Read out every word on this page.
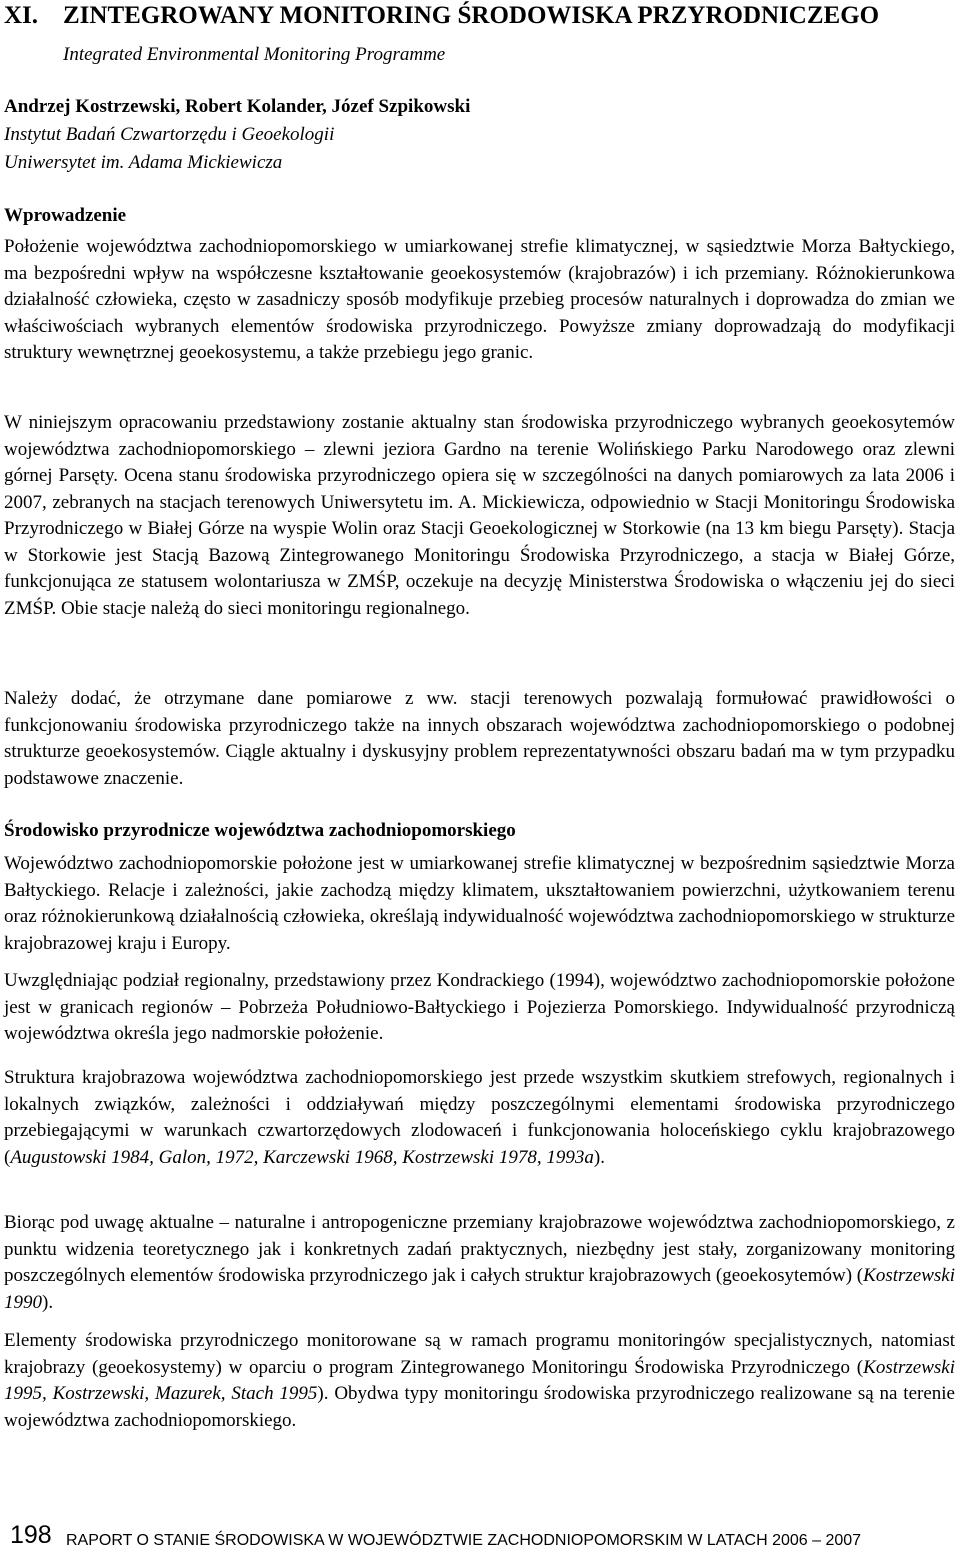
XI. ZINTEGROWANY MONITORING ŚRODOWISKA PRZYRODNICZEGO
Integrated Environmental Monitoring Programme
Andrzej Kostrzewski, Robert Kolander, Józef Szpikowski
Instytut Badań Czwartorzędu i Geoekologii
Uniwersytet im. Adama Mickiewicza
Wprowadzenie

Położenie województwa zachodniopomorskiego w umiarkowanej strefie klimatycznej, w sąsiedztwie Morza Bałtyckiego, ma bezpośredni wpływ na współczesne kształtowanie geoekosystemów (krajobrazów) i ich przemiany. Różnokierunkowa działalność człowieka, często w zasadniczy sposób modyfikuje przebieg procesów naturalnych i doprowadza do zmian we właściwościach wybranych elementów środowiska przyrodniczego. Powyższe zmiany doprowadzają do modyfikacji struktury wewnętrznej geoekosystemu, a także przebiegu jego granic.

W niniejszym opracowaniu przedstawiony zostanie aktualny stan środowiska przyrodniczego wybranych geoekosytemów województwa zachodniopomorskiego – zlewni jeziora Gardno na terenie Wolińskiego Parku Narodowego oraz zlewni górnej Parsęty. Ocena stanu środowiska przyrodniczego opiera się w szczególności na danych pomiarowych za lata 2006 i 2007, zebranych na stacjach terenowych Uniwersytetu im. A. Mickiewicza, odpowiednio w Stacji Monitoringu Środowiska Przyrodniczego w Białej Górze na wyspie Wolin oraz Stacji Geoekologicznej w Storkowie (na 13 km biegu Parsęty). Stacja w Storkowie jest Stacją Bazową Zintegrowanego Monitoringu Środowiska Przyrodniczego, a stacja w Białej Górze, funkcjonująca ze statusem wolontariusza w ZMŚP, oczekuje na decyzję Ministerstwa Środowiska o włączeniu jej do sieci ZMŚP. Obie stacje należą do sieci monitoringu regionalnego.

Należy dodać, że otrzymane dane pomiarowe z ww. stacji terenowych pozwalają formułować prawidłowości o funkcjonowaniu środowiska przyrodniczego także na innych obszarach województwa zachodniopomorskiego o podobnej strukturze geoekosystemów. Ciągle aktualny i dyskusyjny problem reprezentatywności obszaru badań ma w tym przypadku podstawowe znaczenie.

Środowisko przyrodnicze województwa zachodniopomorskiego

Województwo zachodniopomorskie położone jest w umiarkowanej strefie klimatycznej w bezpośrednim sąsiedztwie Morza Bałtyckiego. Relacje i zależności, jakie zachodzą między klimatem, ukształtowaniem powierzchni, użytkowaniem terenu oraz różnokierunkową działalnością człowieka, określają indywidualność województwa zachodniopomorskiego w strukturze krajobrazowej kraju i Europy.

Uwzględniając podział regionalny, przedstawiony przez Kondrackiego (1994), województwo zachodniopomorskie położone jest w granicach regionów – Pobrzeża Południowo-Bałtyckiego i Pojezierza Pomorskiego. Indywidualność przyrodniczą województwa określa jego nadmorskie położenie.

Struktura krajobrazowa województwa zachodniopomorskiego jest przede wszystkim skutkiem strefowych, regionalnych i lokalnych związków, zależności i oddziaływań między poszczególnymi elementami środowiska przyrodniczego przebiegającymi w warunkach czwartorzędowych zlodowaceń i funkcjonowania holoceńskiego cyklu krajobrazowego (Augustowski 1984, Galon, 1972, Karczewski 1968, Kostrzewski 1978, 1993a).

Biorąc pod uwagę aktualne – naturalne i antropogeniczne przemiany krajobrazowe województwa zachodniopomorskiego, z punktu widzenia teoretycznego jak i konkretnych zadań praktycznych, niezbędny jest stały, zorganizowany monitoring poszczególnych elementów środowiska przyrodniczego jak i całych struktur krajobrazowych (geoekosytemów) (Kostrzewski 1990).

Elementy środowiska przyrodniczego monitorowane są w ramach programu monitoringów specjalistycznych, natomiast krajobrazy (geoekosystemy) w oparciu o program Zintegrowanego Monitoringu Środowiska Przyrodniczego (Kostrzewski 1995, Kostrzewski, Mazurek, Stach 1995). Obydwa typy monitoringu środowiska przyrodniczego realizowane są na terenie województwa zachodniopomorskiego.

198 RAPORT O STANIE ŚRODOWISKA W WOJEWÓDZTWIE ZACHODNIOPOMORSKIM W LATACH 2006 – 2007
